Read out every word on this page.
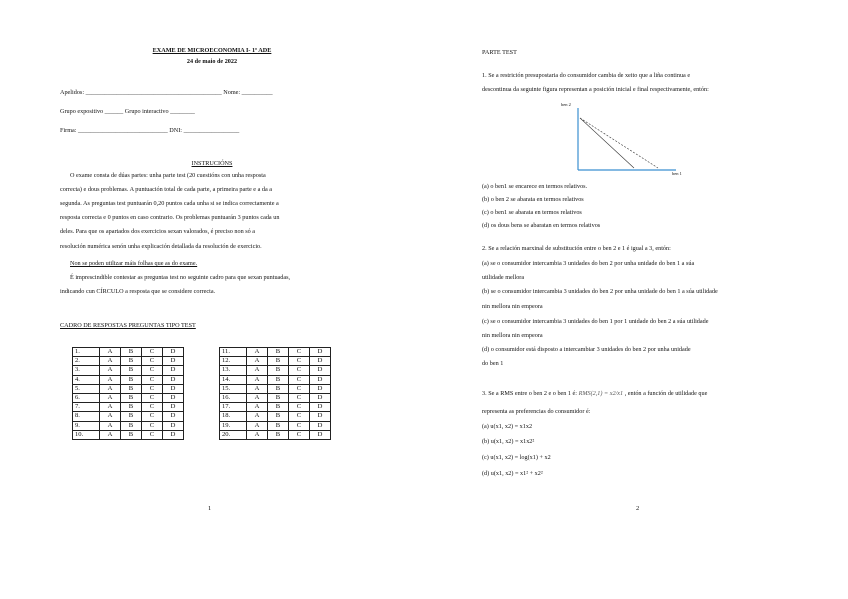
EXAME DE MICROECONOMIA I- 1º ADE
24 de maio de 2022
Apelidos: ____________________________________________ Nome: __________
Grupo expositivo ______ Grupo interactivo ________
Firma: _____________________________ DNI: __________________
INSTRUCIÓNS
O exame consta de dúas partes: unha parte test (20 cuestións con unha resposta
correcta) e dous problemas. A puntuación total de cada parte, a primeira parte e a da a
segunda. As preguntas test puntuarán 0,20 puntos cada unha si se indica correctamente a
resposta correcta e 0 puntos en caso contrario. Os problemas puntuarán 3 puntos cada un
deles. Para que os apartados dos exercicios sexan valorados, é preciso non só a
resolución numérica senón unha explicación detallada da resolución de exercicio.
Non se poden utilizar máis folhas que as do exame.
É imprescindible contestar as preguntas test no seguinte cadro para que sexan puntuadas,
indicando cun CÍRCULO a resposta que se considere correcta.
CADRO DE RESPOSTAS PREGUNTAS TIPO TEST
1.	A	B	C	D
2.	A	B	C	D
3.	A	B	C	D
4.	A	B	C	D
5.	A	B	C	D
6.	A	B	C	D
7.	A	B	C	D
8.	A	B	C	D
9.	A	B	C	D
10.	A	B	C	D
11.	A	B	C	D
12.	A	B	C	D
13.	A	B	C	D
14.	A	B	C	D
15.	A	B	C	D
16.	A	B	C	D
17.	A	B	C	D
18.	A	B	C	D
19.	A	B	C	D
20.	A	B	C	D
1
PARTE TEST
1. Se a restrición presupostaria do consumidor cambia de xeito que a liña continua e
descontinua da seguinte figura representan a posición inicial e final respectivamente, entón:
ben 2
ben 1
(a) o ben1 se encarece en termos relativos.
(b) o ben 2 se abarata en termos relativos
(c) o ben1 se abarata en termos relativos
(d) os dous bens se abaratan en termos relativos
2. Se a relación marxinal de substitución entre o ben 2 e 1 é igual a 3, entón:
(a) se o consumidor intercambia 3 unidades do ben 2 por unha unidade do ben 1 a súa
utilidade mellora
(b) se o consumidor intercambia 3 unidades do ben 2 por unha unidade do ben 1 a súa utilidade
nin mellora nin empeora
(c) se o consumidor intercambia 3 unidades do ben 1 por 1 unidade do ben 2 a súa utilidade
nin mellora nin empeora
(d) o consumidor está disposto a intercambiar 3 unidades do ben 2 por unha unidade
do ben 1
3. Se a RMS entre o ben 2 e o ben 1 é: RMS(2,1) = x2/x1 , entón a función de utilidade que
representa as preferencias do consumidor é:
(a) u(x1, x2) = x1x2
(b) u(x1, x2) = x1x2²
(c) u(x1, x2) = log(x1) + x2
(d) u(x1, x2) = x1² + x2²
2
